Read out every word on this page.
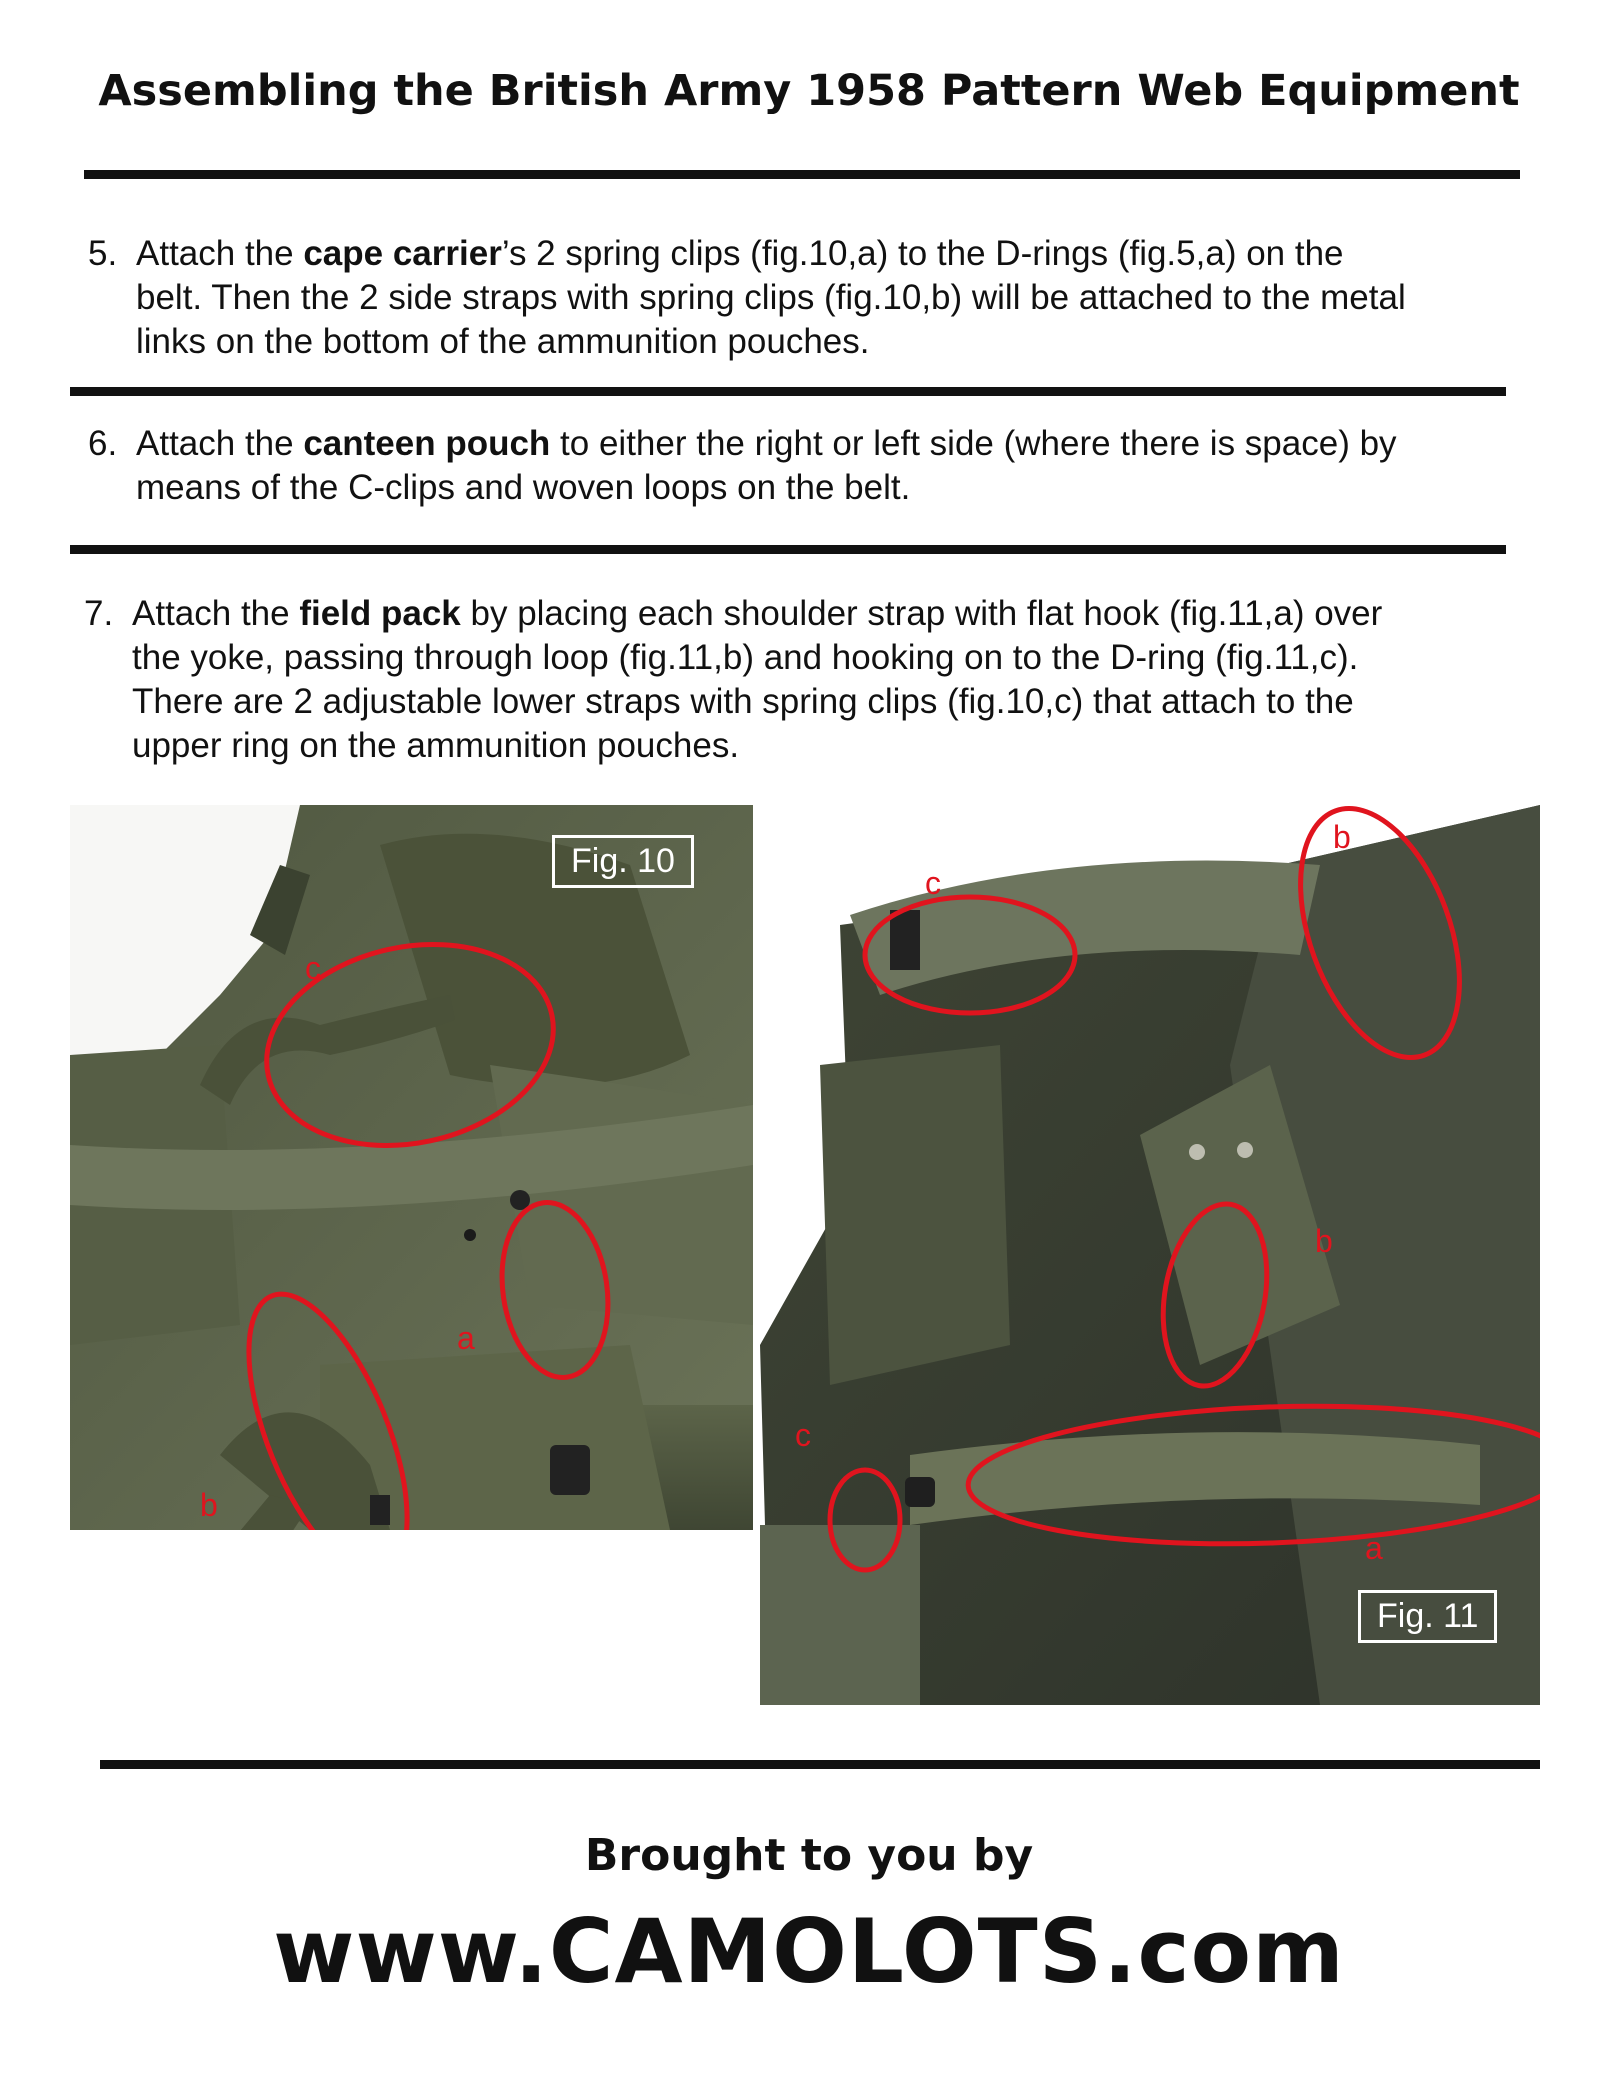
Assembling the British Army 1958 Pattern Web Equipment
5. Attach the cape carrier’s 2 spring clips (fig.10,a) to the D-rings (fig.5,a) on the
belt. Then the 2 side straps with spring clips (fig.10,b) will be attached to the metal
links on the bottom of the ammunition pouches.
6. Attach the canteen pouch to either the right or left side (where there is space) by
means of the C-clips and woven loops on the belt.
7. Attach the field pack by placing each shoulder strap with flat hook (fig.11,a) over
the yoke, passing through loop (fig.11,b) and hooking on to the D-ring (fig.11,c).
There are 2 adjustable lower straps with spring clips (fig.10,c) that attach to the
upper ring on the ammunition pouches.
Fig. 10
c
a
b
Fig. 11
c
b
b
c
a
Brought to you by
www.CAMOLOTS.com
